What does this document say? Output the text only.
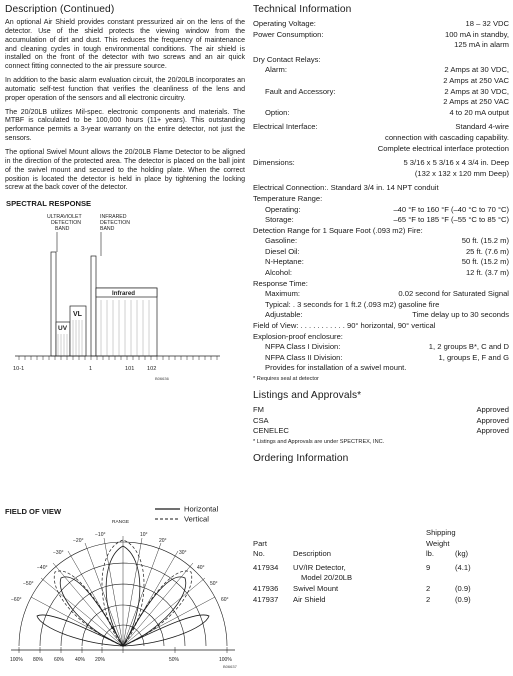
Description (Continued)

An optional Air Shield provides constant pressurized air on the lens of the detector. Use of the shield protects the viewing window from the accumulation of dirt and dust. This reduces the frequency of maintenance and cleaning cycles in tough environmental conditions. The air shield is installed on the front of the detector with two screws and an air quick connect fitting connected to the air pressure source.

In addition to the basic alarm evaluation circuit, the 20/20LB incorporates an automatic self-test function that verifies the cleanliness of the lens and proper operation of the sensors and all electronic circuitry.

The 20/20LB utilizes Mil-spec. electronic components and materials. The MTBF is calculated to be 100,000 hours (11+ years). This outstanding performance permits a 3-year warranty on the entire detector, not just the sensors.

The optional Swivel Mount allows the 20/20LB Flame Detector to be aligned in the direction of the protected area. The detector is placed on the ball joint of the swivel mount and secured to the holding plate. When the correct position is located the detector is held in place by tightening the locking screw at the back cover of the detector.

SPECTRAL RESPONSE
ULTRAVIOLET
DETECTION
BAND
INFRARED
DETECTION
BAND
UV
VL
Infrared
10-1	1	101 102
B06636
FIELD OF VIEW	Horizontal
Vertical
RANGE
−10°	10°
−20°	20°
−30°	30°
−40°	40°
−50°	50°
−60°	60°
100% 80% 60% 40% 20%	50%	100%
B06637
Technical Information
Operating Voltage:	18 – 32 VDC
Power Consumption:	100 mA in standby,
125 mA in alarm
Dry Contact Relays:
Alarm:	2 Amps at 30 VDC,
2 Amps at 250 VAC
Fault and Accessory:	2 Amps at 30 VDC,
2 Amps at 250 VAC
Option:	4 to 20 mA output
Electrical Interface:	Standard 4-wire
connection with cascading capability.
Complete electrical interface protection
Dimensions:	5 3/16 x 5 3/16 x 4 3/4 in. Deep
(132 x 132 x 120 mm Deep)
Electrical Connection:. Standard 3/4 in. 14 NPT conduit
Temperature Range:
Operating:	–40 °F to 160 °F (–40 °C to 70 °C)
Storage:	–65 °F to 185 °F (–55 °C to 85 °C)
Detection Range for 1 Square Foot (.093 m2) Fire:
Gasoline:	50 ft. (15.2 m)
Diesel Oil:	25 ft. (7.6 m)
N-Heptane:	50 ft. (15.2 m)
Alcohol:	12 ft. (3.7 m)
Response Time:
Maximum:	0.02 second for Saturated Signal
Typical: . 3 seconds for 1 ft.2 (.093 m2) gasoline fire
Adjustable:	Time delay up to 30 seconds
Field of View: . . . . . . . . . . . 90° horizontal, 90° vertical
Explosion-proof enclosure:
NFPA Class I Division:	1, 2 groups B*, C and D
NFPA Class II Division:	1, groups E, F and G
Provides for installation of a swivel mount.
* Requires seal at detector
Listings and Approvals*
FM	Approved
CSA	Approved
CENELEC	Approved
* Listings and Approvals are under SPECTREX, INC.
Ordering Information
Shipping
Part	Weight
No.	Description	lb.	(kg)
417934 UV/IR Detector,	9	(4.1)
Model 20/20LB
417936 Swivel Mount	2	(0.9)
417937 Air Shield	2	(0.9)
